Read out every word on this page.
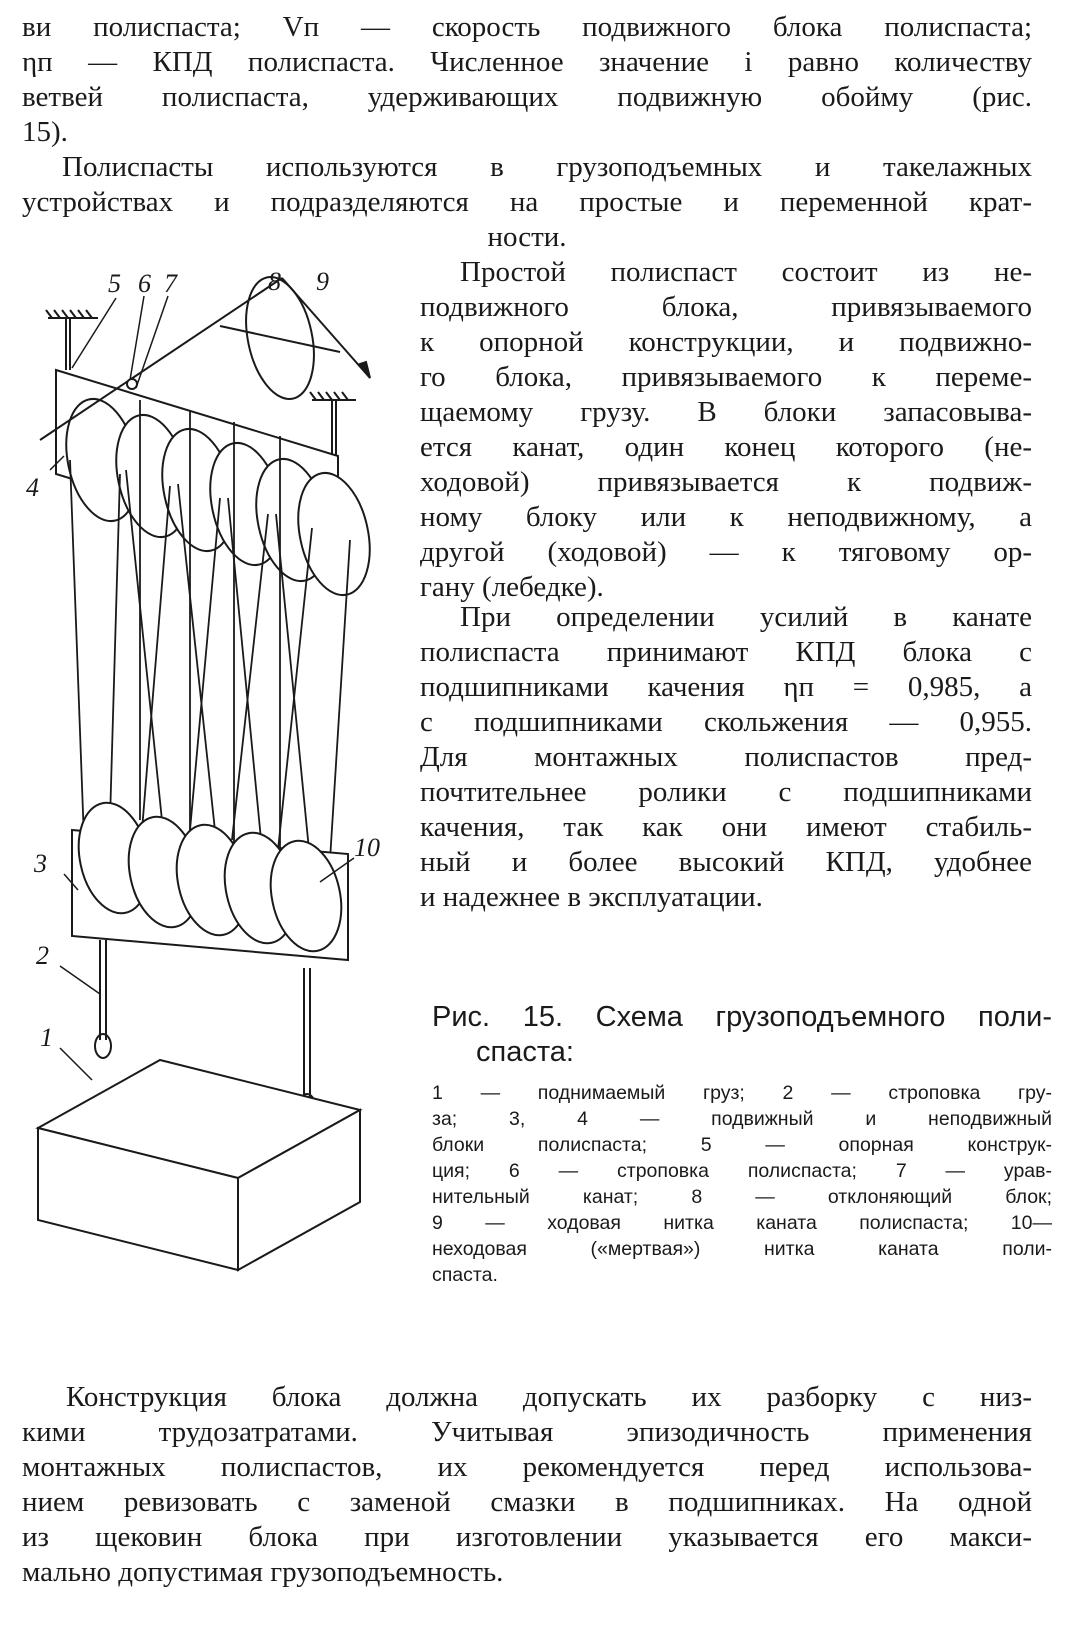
ви полиспаста; Vп — скорость подвижного блока полиспаста;
ηп — КПД полиспаста. Численное значение i равно количеству
ветвей полиспаста, удерживающих подвижную обойму (рис.
15).
Полиспасты используются в грузоподъемных и такелажных
устройствах и подразделяются на простые и переменной крат-
ности.
Простой полиспаст состоит из не-
подвижного блока, привязываемого
к опорной конструкции, и подвижно-
го блока, привязываемого к переме-
щаемому грузу. В блоки запасовыва-
ется канат, один конец которого (не-
ходовой) привязывается к подвиж-
ному блоку или к неподвижному, а
другой (ходовой) — к тяговому ор-
гану (лебедке).
При определении усилий в канате
полиспаста принимают КПД блока с
подшипниками качения ηп = 0,985, а
с подшипниками скольжения — 0,955.
Для монтажных полиспастов пред-
почтительнее ролики с подшипниками
качения, так как они имеют стабиль-
ный и более высокий КПД, удобнее
и надежнее в эксплуатации.
Рис. 15. Схема грузоподъемного поли-
спаста:
1 — поднимаемый груз; 2 — строповка гру-
за; 3, 4 — подвижный и неподвижный
блоки полиспаста; 5 — опорная конструк-
ция; 6 — строповка полиспаста; 7 — урав-
нительный канат; 8 — отклоняющий блок;
9 — ходовая нитка каната полиспаста; 10—
неходовая («мертвая») нитка каната поли-
спаста.
5 6 7	8 9
4
3
10
2
1
Конструкция блока должна допускать их разборку с низ-
кими трудозатратами. Учитывая эпизодичность применения
монтажных полиспастов, их рекомендуется перед использова-
нием ревизовать с заменой смазки в подшипниках. На одной
из щековин блока при изготовлении указывается его макси-
мально допустимая грузоподъемность.
